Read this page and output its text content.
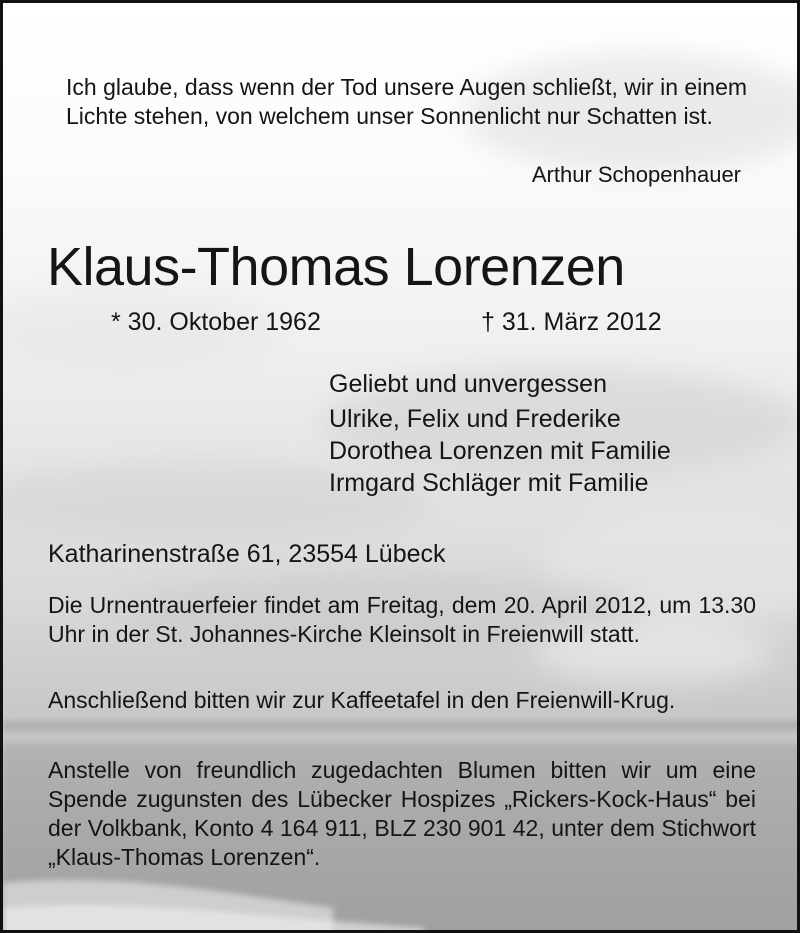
Ich glaube, dass wenn der Tod unsere Augen schließt, wir in einem Lichte stehen, von welchem unser Sonnenlicht nur Schatten ist.
Arthur Schopenhauer
Klaus-Thomas Lorenzen
* 30. Oktober 1962	† 31. März 2012
Geliebt und unvergessen
Ulrike, Felix und Frederike
Dorothea Lorenzen mit Familie
Irmgard Schläger mit Familie
Katharinenstraße 61, 23554 Lübeck
Die Urnentrauerfeier findet am Freitag, dem 20. April 2012, um 13.30 Uhr in der St. Johannes-Kirche Kleinsolt in Freienwill statt.
Anschließend bitten wir zur Kaffeetafel in den Freienwill-Krug.
Anstelle von freundlich zugedachten Blumen bitten wir um eine Spende zugunsten des Lübecker Hospizes „Rickers-Kock-Haus“ bei der Volkbank, Konto 4 164 911, BLZ 230 901 42, unter dem Stichwort „Klaus-Thomas Lorenzen“.
